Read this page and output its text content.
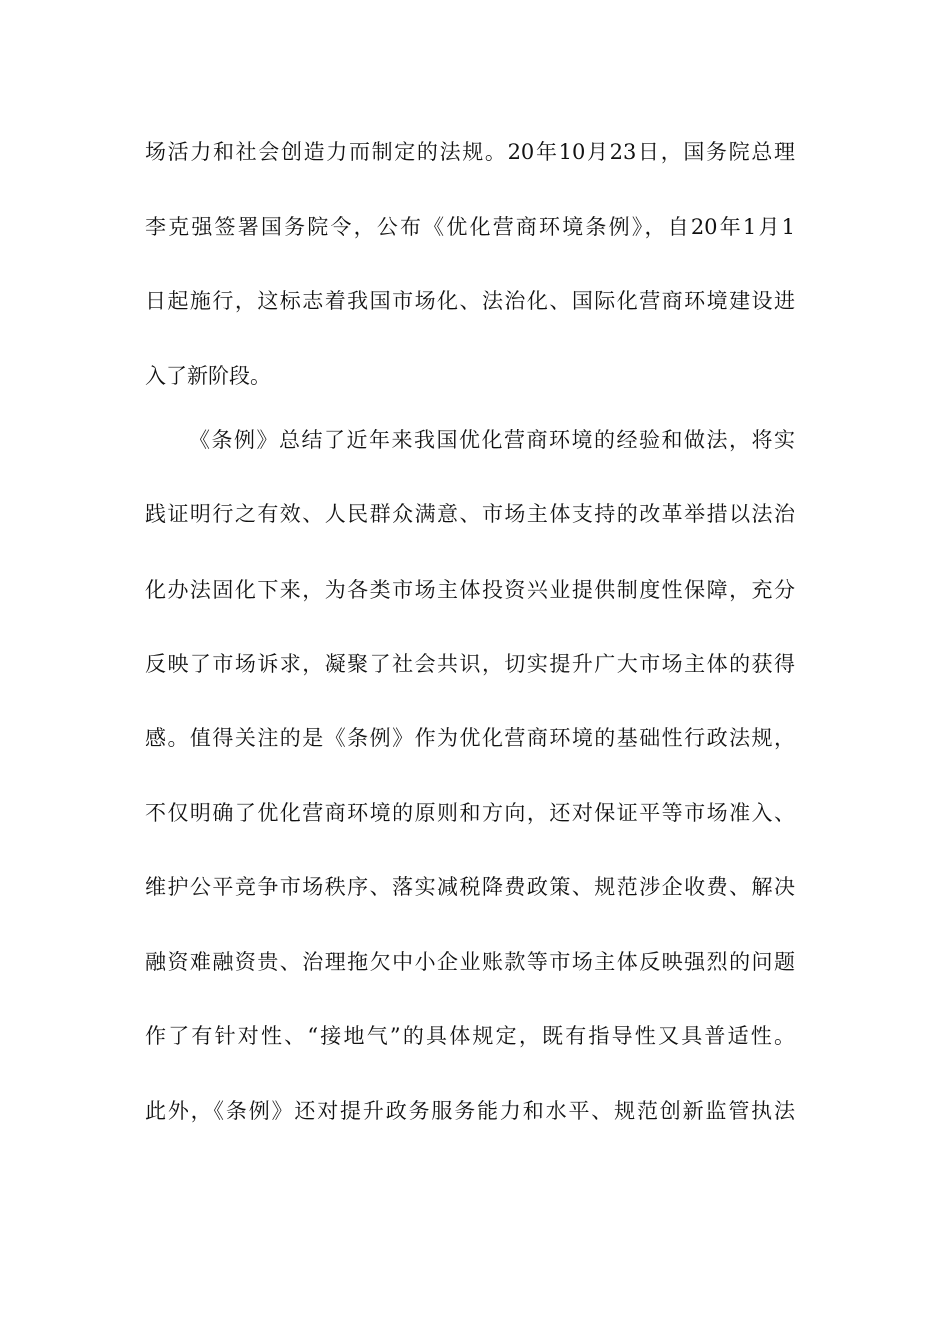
场活力和社会创造力而制定的法规。20年10月23日，国务院总理
李克强签署国务院令，公布《优化营商环境条例》，自20年1月1
日起施行，这标志着我国市场化、法治化、国际化营商环境建设进
入了新阶段。
《条例》总结了近年来我国优化营商环境的经验和做法，将实
践证明行之有效、人民群众满意、市场主体支持的改革举措以法治
化办法固化下来，为各类市场主体投资兴业提供制度性保障，充分
反映了市场诉求，凝聚了社会共识，切实提升广大市场主体的获得
感。值得关注的是《条例》作为优化营商环境的基础性行政法规，
不仅明确了优化营商环境的原则和方向，还对保证平等市场准入、
维护公平竞争市场秩序、落实减税降费政策、规范涉企收费、解决
融资难融资贵、治理拖欠中小企业账款等市场主体反映强烈的问题
作了有针对性、“接地气”的具体规定，既有指导性又具普适性。
此外，《条例》还对提升政务服务能力和水平、规范创新监管执法
